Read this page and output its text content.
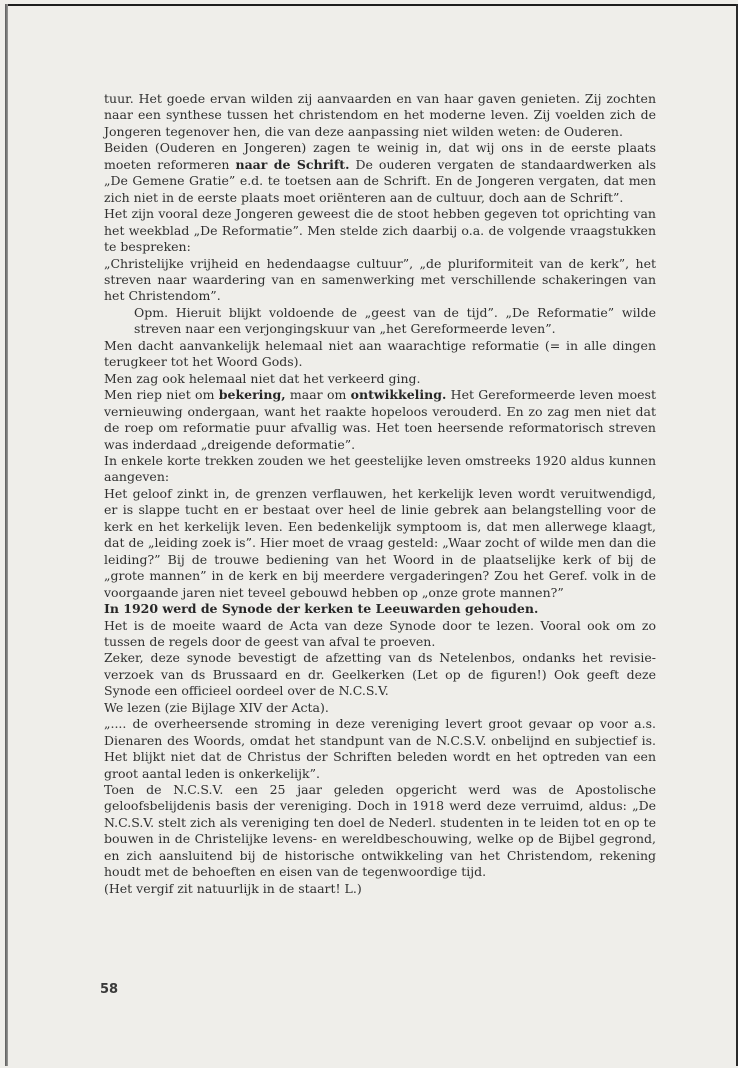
tuur. Het goede ervan wilden zij aanvaarden en van haar gaven genieten. Zij zochten naar een synthese tussen het christendom en het moderne leven. Zij voelden zich de Jongeren tegenover hen, die van deze aanpassing niet wilden weten: de Ouderen.

Beiden (Ouderen en Jongeren) zagen te weinig in, dat wij ons in de eerste plaats moeten reformeren naar de Schrift. De ouderen vergaten de standaardwerken als „De Gemene Gratie” e.d. te toetsen aan de Schrift. En de Jongeren vergaten, dat men zich niet in de eerste plaats moet oriënteren aan de cultuur, doch aan de Schrift”.

Het zijn vooral deze Jongeren geweest die de stoot hebben gegeven tot oprichting van het weekblad „De Reformatie”. Men stelde zich daarbij o.a. de volgende vraagstukken te bespreken:

„Christelijke vrijheid en hedendaagse cultuur”, „de pluriformiteit van de kerk”, het streven naar waardering van en samenwerking met verschillende schakeringen van het Christendom”.

Opm. Hieruit blijkt voldoende de „geest van de tijd”. „De Reformatie” wilde streven naar een verjongingskuur van „het Gereformeerde leven”.

Men dacht aanvankelijk helemaal niet aan waarachtige reformatie (= in alle dingen terugkeer tot het Woord Gods).

Men zag ook helemaal niet dat het verkeerd ging.

Men riep niet om bekering, maar om ontwikkeling. Het Gereformeerde leven moest vernieuwing ondergaan, want het raakte hopeloos verouderd. En zo zag men niet dat de roep om reformatie puur afvallig was. Het toen heersende reformatorisch streven was inderdaad „dreigende deformatie”.

In enkele korte trekken zouden we het geestelijke leven omstreeks 1920 aldus kunnen aangeven:

Het geloof zinkt in, de grenzen verflauwen, het kerkelijk leven wordt veruitwendigd, er is slappe tucht en er bestaat over heel de linie gebrek aan belangstelling voor de kerk en het kerkelijk leven. Een bedenkelijk symptoom is, dat men allerwege klaagt, dat de „leiding zoek is”. Hier moet de vraag gesteld: „Waar zocht of wilde men dan die leiding?” Bij de trouwe bediening van het Woord in de plaatselijke kerk of bij de „grote mannen” in de kerk en bij meerdere vergaderingen? Zou het Geref. volk in de voorgaande jaren niet teveel gebouwd hebben op „onze grote mannen?”

In 1920 werd de Synode der kerken te Leeuwarden gehouden.

Het is de moeite waard de Acta van deze Synode door te lezen. Vooral ook om zo tussen de regels door de geest van afval te proeven.

Zeker, deze synode bevestigt de afzetting van ds Netelenbos, ondanks het revisie-verzoek van ds Brussaard en dr. Geelkerken (Let op de figuren!) Ook geeft deze Synode een officieel oordeel over de N.C.S.V.

We lezen (zie Bijlage XIV der Acta).

„.... de overheersende stroming in deze vereniging levert groot gevaar op voor a.s. Dienaren des Woords, omdat het standpunt van de N.C.S.V. onbelijnd en subjectief is. Het blijkt niet dat de Christus der Schriften beleden wordt en het optreden van een groot aantal leden is onkerkelijk”.

Toen de N.C.S.V. een 25 jaar geleden opgericht werd was de Apostolische geloofsbelijdenis basis der vereniging. Doch in 1918 werd deze verruimd, aldus: „De N.C.S.V. stelt zich als vereniging ten doel de Nederl. studenten in te leiden tot en op te bouwen in de Christelijke levens- en wereldbeschouwing, welke op de Bijbel gegrond, en zich aansluitend bij de historische ontwikkeling van het Christendom, rekening houdt met de behoeften en eisen van de tegenwoordige tijd.

(Het vergif zit natuurlijk in de staart! L.)

58
